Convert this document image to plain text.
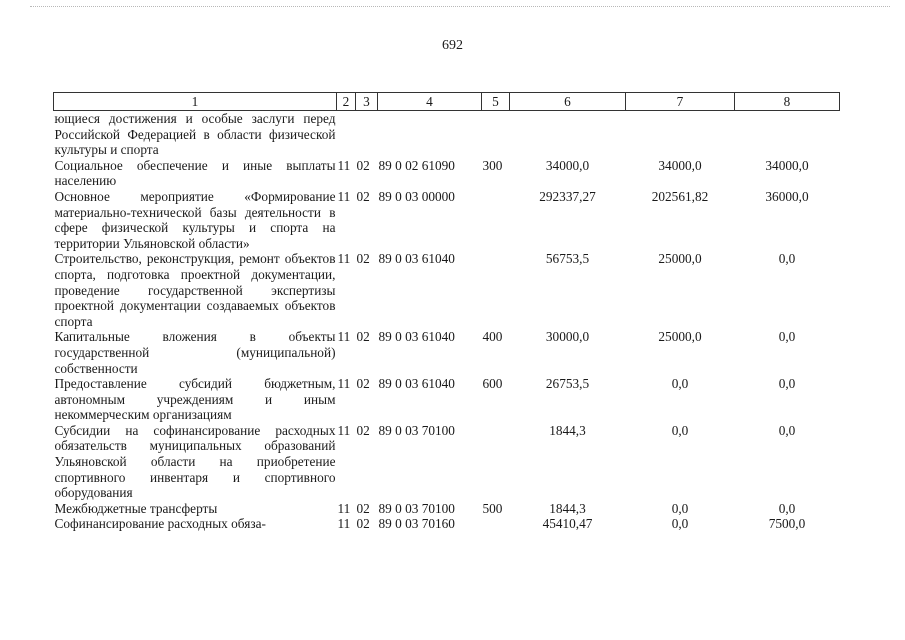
692
1	2	3	4	5	6	7	8
ющиеся достижения и особые заслуги перед Российской Федерацией в области физической культуры и спорта							
Социальное обеспечение и иные выплаты населению	11	02	89 0 02 61090	300	34000,0	34000,0	34000,0
Основное мероприятие «Формирование материально-технической базы деятельности в сфере физической культуры и спорта на территории Ульяновской области»	11	02	89 0 03 00000		292337,27	202561,82	36000,0
Строительство, реконструкция, ремонт объектов спорта, подготовка проектной документации, проведение государственной экспертизы проектной документации создаваемых объектов спорта	11	02	89 0 03 61040		56753,5	25000,0	0,0
Капитальные вложения в объекты государственной (муниципальной) собственности	11	02	89 0 03 61040	400	30000,0	25000,0	0,0
Предоставление субсидий бюджетным, автономным учреждениям и иным некоммерческим организациям	11	02	89 0 03 61040	600	26753,5	0,0	0,0
Субсидии на софинансирование расходных обязательств муниципальных образований Ульяновской области на приобретение спортивного инвентаря и спортивного оборудования	11	02	89 0 03 70100		1844,3	0,0	0,0
Межбюджетные трансферты	11	02	89 0 03 70100	500	1844,3	0,0	0,0
Софинансирование расходных обяза-	11	02	89 0 03 70160		45410,47	0,0	7500,0
